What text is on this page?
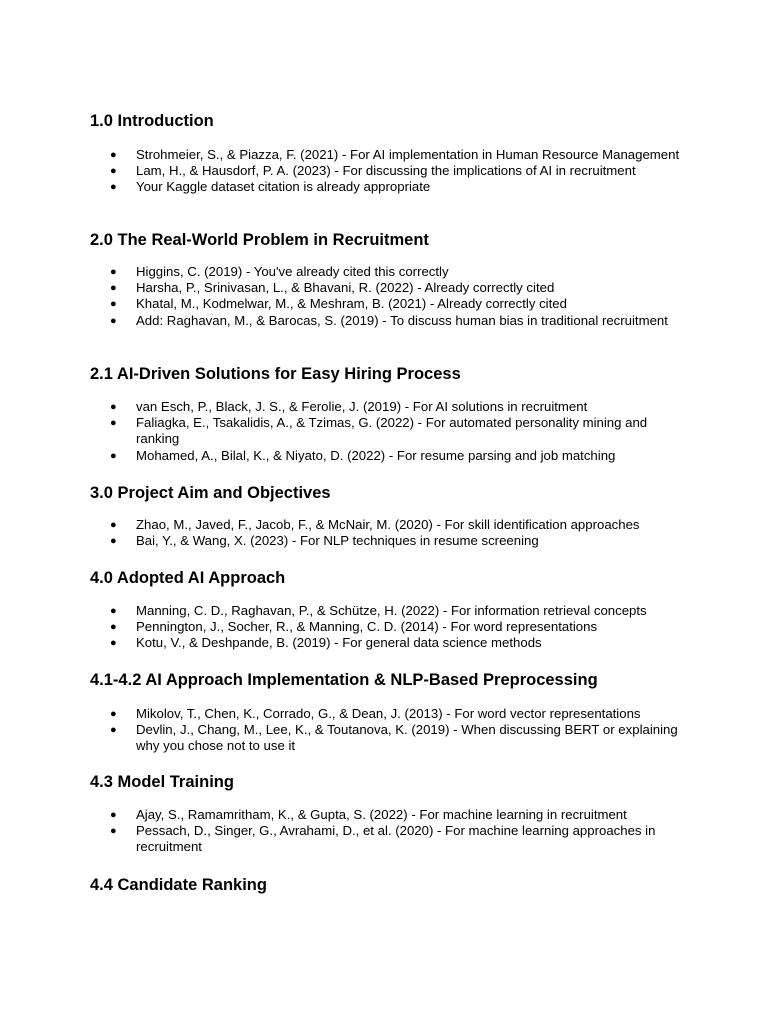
1.0 Introduction
● Strohmeier, S., & Piazza, F. (2021) - For AI implementation in Human Resource Management
● Lam, H., & Hausdorf, P. A. (2023) - For discussing the implications of AI in recruitment
● Your Kaggle dataset citation is already appropriate
2.0 The Real-World Problem in Recruitment
● Higgins, C. (2019) - You've already cited this correctly
● Harsha, P., Srinivasan, L., & Bhavani, R. (2022) - Already correctly cited
● Khatal, M., Kodmelwar, M., & Meshram, B. (2021) - Already correctly cited
● Add: Raghavan, M., & Barocas, S. (2019) - To discuss human bias in traditional recruitment
2.1 AI-Driven Solutions for Easy Hiring Process
● van Esch, P., Black, J. S., & Ferolie, J. (2019) - For AI solutions in recruitment
● Faliagka, E., Tsakalidis, A., & Tzimas, G. (2022) - For automated personality mining and ranking
● Mohamed, A., Bilal, K., & Niyato, D. (2022) - For resume parsing and job matching
3.0 Project Aim and Objectives
● Zhao, M., Javed, F., Jacob, F., & McNair, M. (2020) - For skill identification approaches
● Bai, Y., & Wang, X. (2023) - For NLP techniques in resume screening
4.0 Adopted AI Approach
● Manning, C. D., Raghavan, P., & Schütze, H. (2022) - For information retrieval concepts
● Pennington, J., Socher, R., & Manning, C. D. (2014) - For word representations
● Kotu, V., & Deshpande, B. (2019) - For general data science methods
4.1-4.2 AI Approach Implementation & NLP-Based Preprocessing
● Mikolov, T., Chen, K., Corrado, G., & Dean, J. (2013) - For word vector representations
● Devlin, J., Chang, M., Lee, K., & Toutanova, K. (2019) - When discussing BERT or explaining why you chose not to use it
4.3 Model Training
● Ajay, S., Ramamritham, K., & Gupta, S. (2022) - For machine learning in recruitment
● Pessach, D., Singer, G., Avrahami, D., et al. (2020) - For machine learning approaches in recruitment
4.4 Candidate Ranking
